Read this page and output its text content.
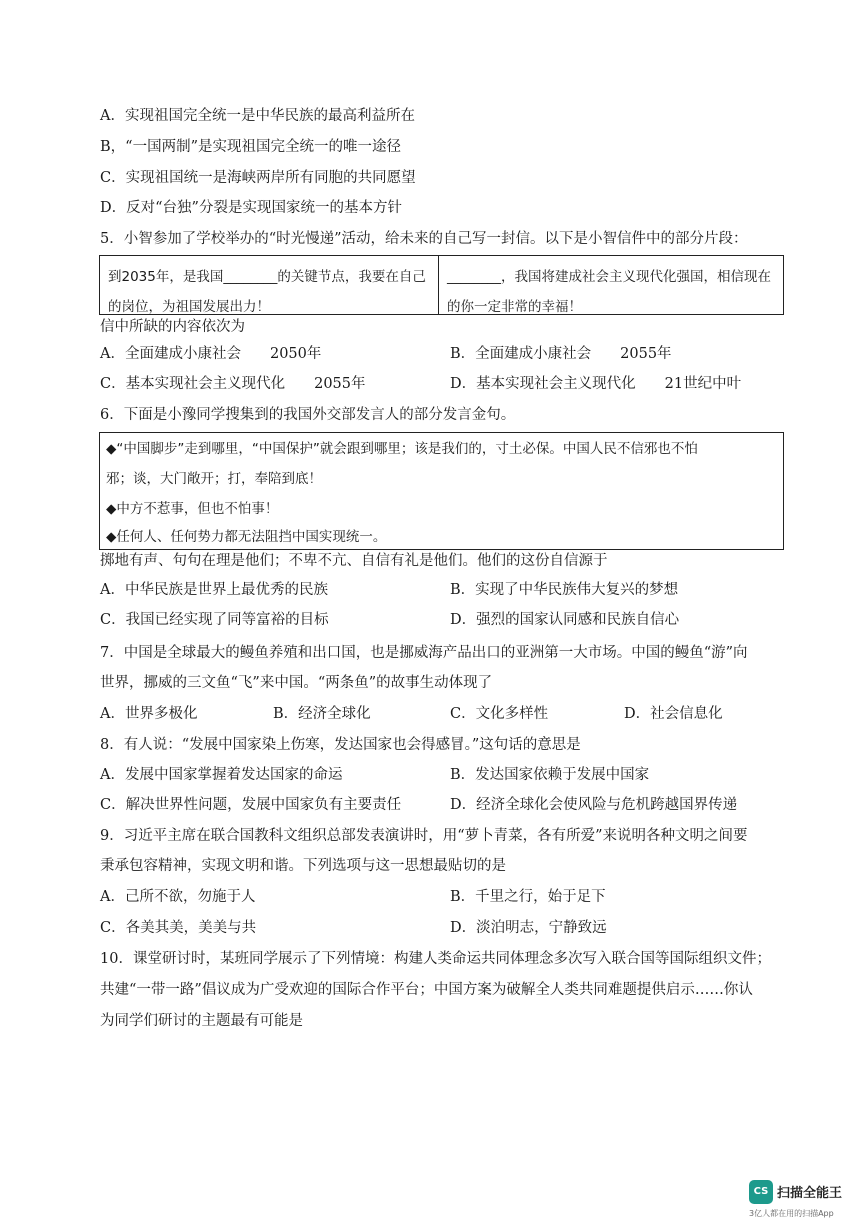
A．实现祖国完全统一是中华民族的最高利益所在
B，“一国两制”是实现祖国完全统一的唯一途径
C．实现祖国统一是海峡两岸所有同胞的共同愿望
D．反对“台独”分裂是实现国家统一的基本方针
5．小智参加了学校举办的“时光慢递”活动，给未来的自己写一封信。以下是小智信件中的部分片段：
到2035年，是我国________的关键节点，我要在自己的岗位，为祖国发展出力！
________，我国将建成社会主义现代化强国，相信现在的你一定非常的幸福！
信中所缺的内容依次为
A．全面建成小康社会　　2050年	B．全面建成小康社会　　2055年
C．基本实现社会主义现代化　　2055年	D．基本实现社会主义现代化　　21世纪中叶
6．下面是小豫同学搜集到的我国外交部发言人的部分发言金句。
◆“中国脚步”走到哪里，“中国保护”就会跟到哪里；该是我们的，寸土必保。中国人民不信邪也不怕
邪；谈，大门敞开；打，奉陪到底！
◆中方不惹事，但也不怕事！
◆任何人、任何势力都无法阻挡中国实现统一。
掷地有声、句句在理是他们；不卑不亢、自信有礼是他们。他们的这份自信源于
A．中华民族是世界上最优秀的民族	B．实现了中华民族伟大复兴的梦想
C．我国已经实现了同等富裕的目标	D．强烈的国家认同感和民族自信心
7．中国是全球最大的鳗鱼养殖和出口国，也是挪威海产品出口的亚洲第一大市场。中国的鳗鱼“游”向
世界，挪威的三文鱼“飞”来中国。“两条鱼”的故事生动体现了
A．世界多极化	B．经济全球化	C．文化多样性	D．社会信息化
8．有人说：“发展中国家染上伤寒，发达国家也会得感冒。”这句话的意思是
A．发展中国家掌握着发达国家的命运	B．发达国家依赖于发展中国家
C．解决世界性问题，发展中国家负有主要责任	D．经济全球化会使风险与危机跨越国界传递
9．习近平主席在联合国教科文组织总部发表演讲时，用“萝卜青菜，各有所爱”来说明各种文明之间要
秉承包容精神，实现文明和谐。下列选项与这一思想最贴切的是
A．己所不欲，勿施于人	B．千里之行，始于足下
C．各美其美，美美与共	D．淡泊明志，宁静致远
10．课堂研讨时，某班同学展示了下列情境：构建人类命运共同体理念多次写入联合国等国际组织文件；
共建“一带一路”倡议成为广受欢迎的国际合作平台；中国方案为破解全人类共同难题提供启示……你认
为同学们研讨的主题最有可能是
CS 扫描全能王
3亿人都在用的扫描App
